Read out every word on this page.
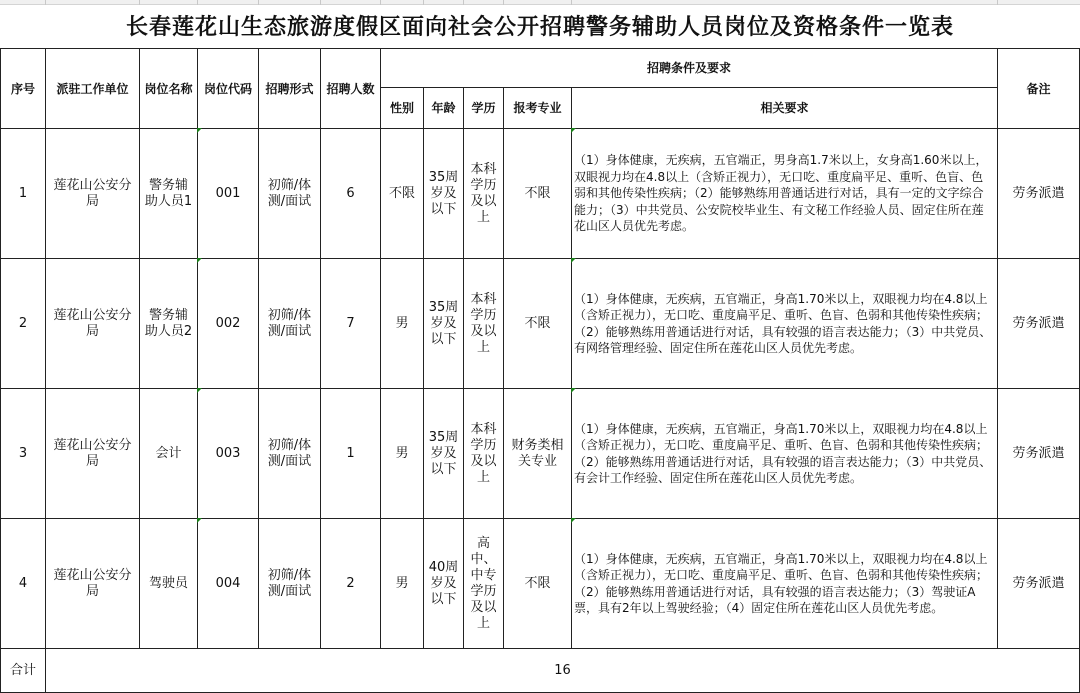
长春莲花山生态旅游度假区面向社会公开招聘警务辅助人员岗位及资格条件一览表
序号	派驻工作单位	岗位名称	岗位代码	招聘形式	招聘人数	招聘条件及要求					备注
						性别	年龄	学历	报考专业	相关要求	
1	莲花山公安分局	警务辅助人员1	001	初筛/体测/面试	6	不限	35周岁及以下	本科学历及以上	不限	（1）身体健康，无疾病，五官端正，男身高1.7米以上，女身高1.60米以上，双眼视力均在4.8以上（含矫正视力），无口吃、重度扁平足、重听、色盲、色弱和其他传染性疾病；（2）能够熟练用普通话进行对话，具有一定的文字综合能力；（3）中共党员、公安院校毕业生、有文秘工作经验人员、固定住所在莲花山区人员优先考虑。	劳务派遣
2	莲花山公安分局	警务辅助人员2	002	初筛/体测/面试	7	男	35周岁及以下	本科学历及以上	不限	（1）身体健康，无疾病，五官端正，身高1.70米以上，双眼视力均在4.8以上（含矫正视力），无口吃、重度扁平足、重听、色盲、色弱和其他传染性疾病；（2）能够熟练用普通话进行对话，具有较强的语言表达能力；（3）中共党员、有网络管理经验、固定住所在莲花山区人员优先考虑。	劳务派遣
3	莲花山公安分局	会计	003	初筛/体测/面试	1	男	35周岁及以下	本科学历及以上	财务类相关专业	（1）身体健康，无疾病，五官端正，身高1.70米以上，双眼视力均在4.8以上（含矫正视力），无口吃、重度扁平足、重听、色盲、色弱和其他传染性疾病；（2）能够熟练用普通话进行对话，具有较强的语言表达能力；（3）中共党员、有会计工作经验、固定住所在莲花山区人员优先考虑。	劳务派遣
4	莲花山公安分局	驾驶员	004	初筛/体测/面试	2	男	40周岁及以下	高中、中专学历及以上	不限	（1）身体健康，无疾病，五官端正，身高1.70米以上，双眼视力均在4.8以上（含矫正视力），无口吃、重度扁平足、重听、色盲、色弱和其他传染性疾病；（2）能够熟练用普通话进行对话，具有较强的语言表达能力；（3）驾驶证A票，具有2年以上驾驶经验；（4）固定住所在莲花山区人员优先考虑。	劳务派遣
合计	16										
